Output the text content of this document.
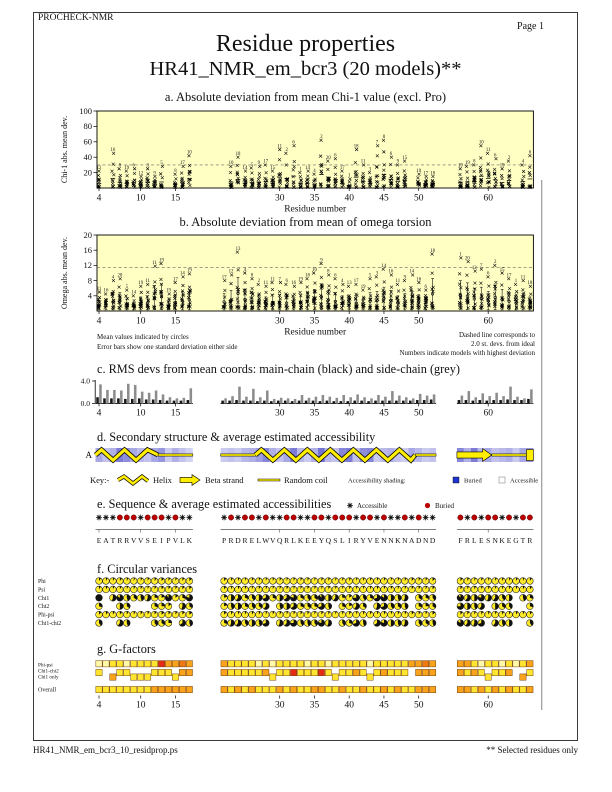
20
40
60
80
100
4	10	15	30	35	40	45	50	60
Residue number
Chi-1 abs. mean dev.	12
16
8 19 6
12
3
9
5
8
17
10
10
18
14
5 9 17
15
11
2
6
1 14
4
2
20 6
17
1
18
11
3
7
8
6
9
15
10 17 18
19 19 8
10
11
6
19
2
4
6
4
8
12
16
20
4	10	15	30	35	40	45	50	60
Residue number
Omega abs. mean dev.	11 16
4 20
5
14
19 11
11
19
19
17
14
19
17
12
13
4
8
2 11
11 7 6 16
19
18
10
9
8
6
4 13 17
19
5 3
14
16
11
9
14
16
6
18
1
20
12 7
6
2
15
17
1
11
18
4.0
0.0
4	10	15	30	35	40	45	50	60
A
Key:-	Helix	Beta strand	Random coil	Accessibility shading:	Buried	Accessible
Accessible	Buried
E A T R R V V S E I P V L K	P R D R E L W V Q R L K E E Y Q S L I R Y V E N N K N A D N D	F R L E S N K E G T R
Phi
Psi
Chi1
Chi2
Phi-psi
Chi1-chi2
Phi-psi
Chi1-chi2
Chi1 only
Overall
4	10	15	30	35	40	45	50	60
PROCHECK-NMR
Page 1
Residue properties
HR41_NMR_em_bcr3 (20 models)**
a. Absolute deviation from mean Chi-1 value (excl. Pro)
b. Absolute deviation from mean of omega torsion
Mean values indicated by circles
Error bars show one standard deviation either side
Dashed line corresponds to
2.0 st. devs. from ideal
Numbers indicate models with highest deviation
c. RMS devs from mean coords: main-chain (black) and side-chain (grey)
d. Secondary structure & average estimated accessibility
e. Sequence & average estimated accessibilities
f. Circular variances
g. G-factors
HR41_NMR_em_bcr3_10_residprop.ps	** Selected residues only
